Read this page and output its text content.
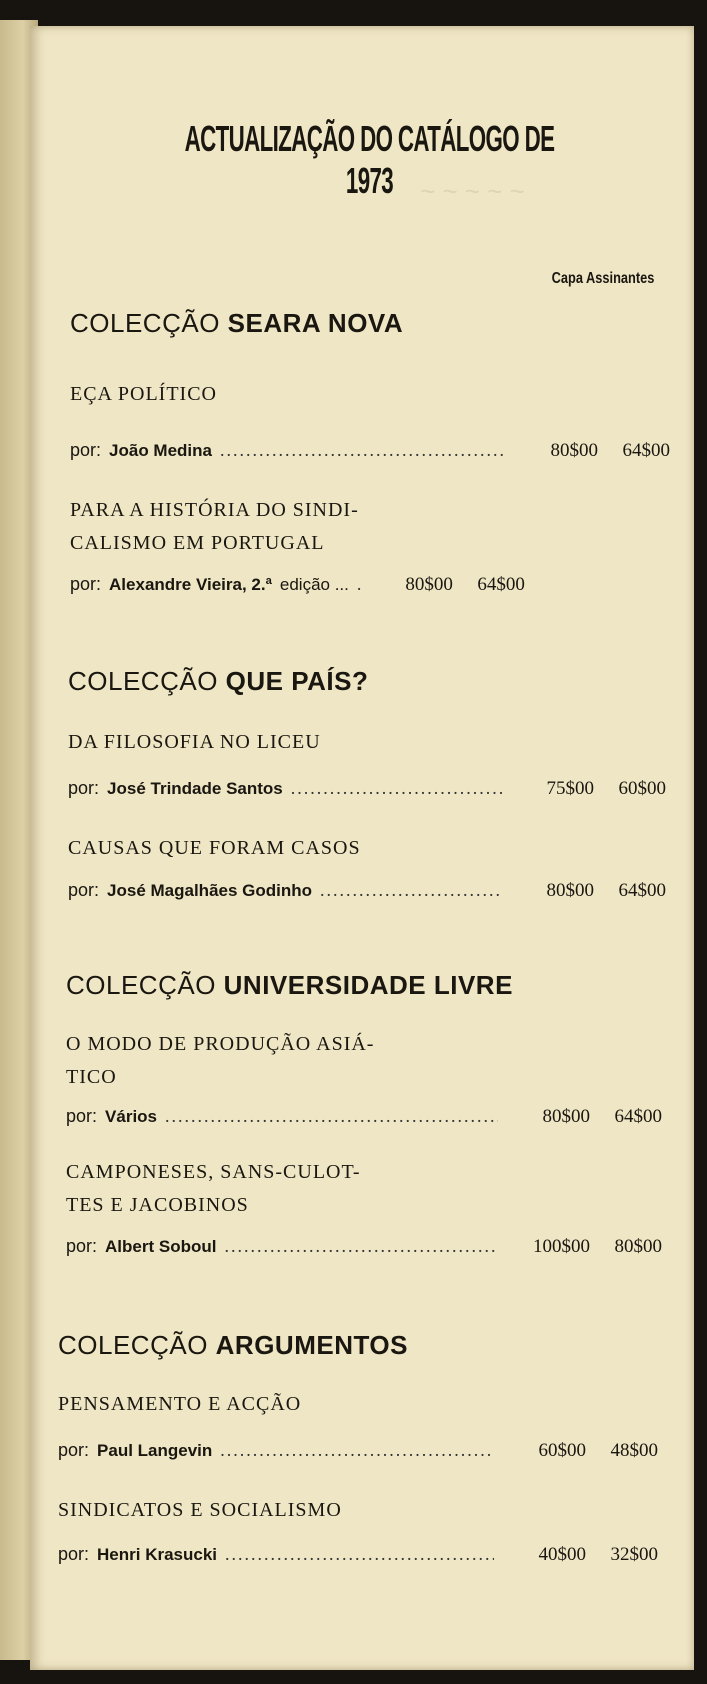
~ ~ ~ ~ ~
ACTUALIZAÇÃO DO CATÁLOGO DE 1973
Capa Assinantes
COLECÇÃO SEARA NOVA
EÇA POLÍTICO
por: João Medina .....	80$00	64$00
PARA A HISTÓRIA DO SINDI-
CALISMO EM PORTUGAL
por: Alexandre Vieira, 2.ª edição ... .....	80$00	64$00
COLECÇÃO QUE PAÍS?
DA FILOSOFIA NO LICEU
por: José Trindade Santos .....	75$00	60$00
CAUSAS QUE FORAM CASOS
por: José Magalhães Godinho .....	80$00	64$00
COLECÇÃO UNIVERSIDADE LIVRE
O MODO DE PRODUÇÃO ASIÁ-
TICO
por: Vários .....	80$00	64$00
CAMPONESES, SANS-CULOT-
TES E JACOBINOS
por: Albert Soboul .....	100$00	80$00
COLECÇÃO ARGUMENTOS
PENSAMENTO E ACÇÃO
por: Paul Langevin .....	60$00	48$00
SINDICATOS E SOCIALISMO
por: Henri Krasucki .....	40$00	32$00
